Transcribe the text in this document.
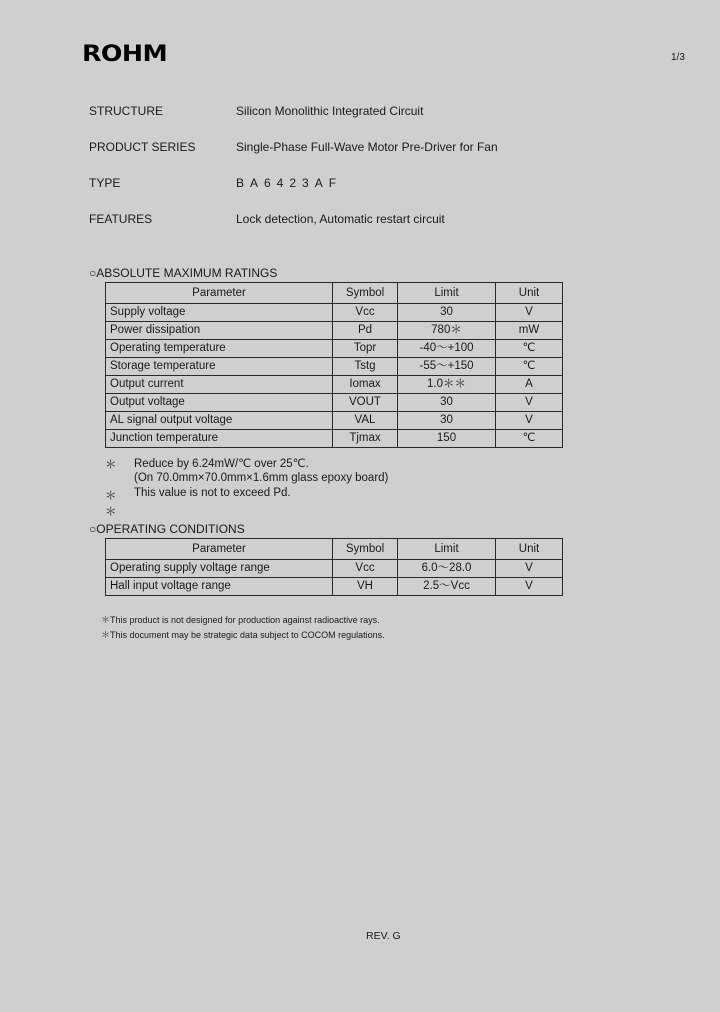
ROHM	1/3
STRUCTURE	Silicon Monolithic Integrated Circuit
PRODUCT SERIES	Single-Phase Full-Wave Motor Pre-Driver for Fan
TYPE	BA6423AF
FEATURES	Lock detection, Automatic restart circuit
○ABSOLUTE MAXIMUM RATINGS
Parameter	Symbol	Limit	Unit
Supply voltage	Vcc	30	V
Power dissipation	Pd	780＊	mW
Operating temperature	Topr	-40～+100	℃
Storage temperature	Tstg	-55～+150	℃
Output current	Iomax	1.0＊＊	A
Output voltage	VOUT	30	V
AL signal output voltage	VAL	30	V
Junction temperature	Tjmax	150	℃
＊ Reduce by 6.24mW/℃ over 25℃.
(On 70.0mm×70.0mm×1.6mm glass epoxy board)
＊＊
This value is not to exceed Pd.
○OPERATING CONDITIONS
Parameter	Symbol	Limit	Unit
Operating supply voltage range	Vcc	6.0～28.0	V
Hall input voltage range	VH	2.5～Vcc	V
＊This product is not designed for production against radioactive rays.
＊This document may be strategic data subject to COCOM regulations.
REV. G
